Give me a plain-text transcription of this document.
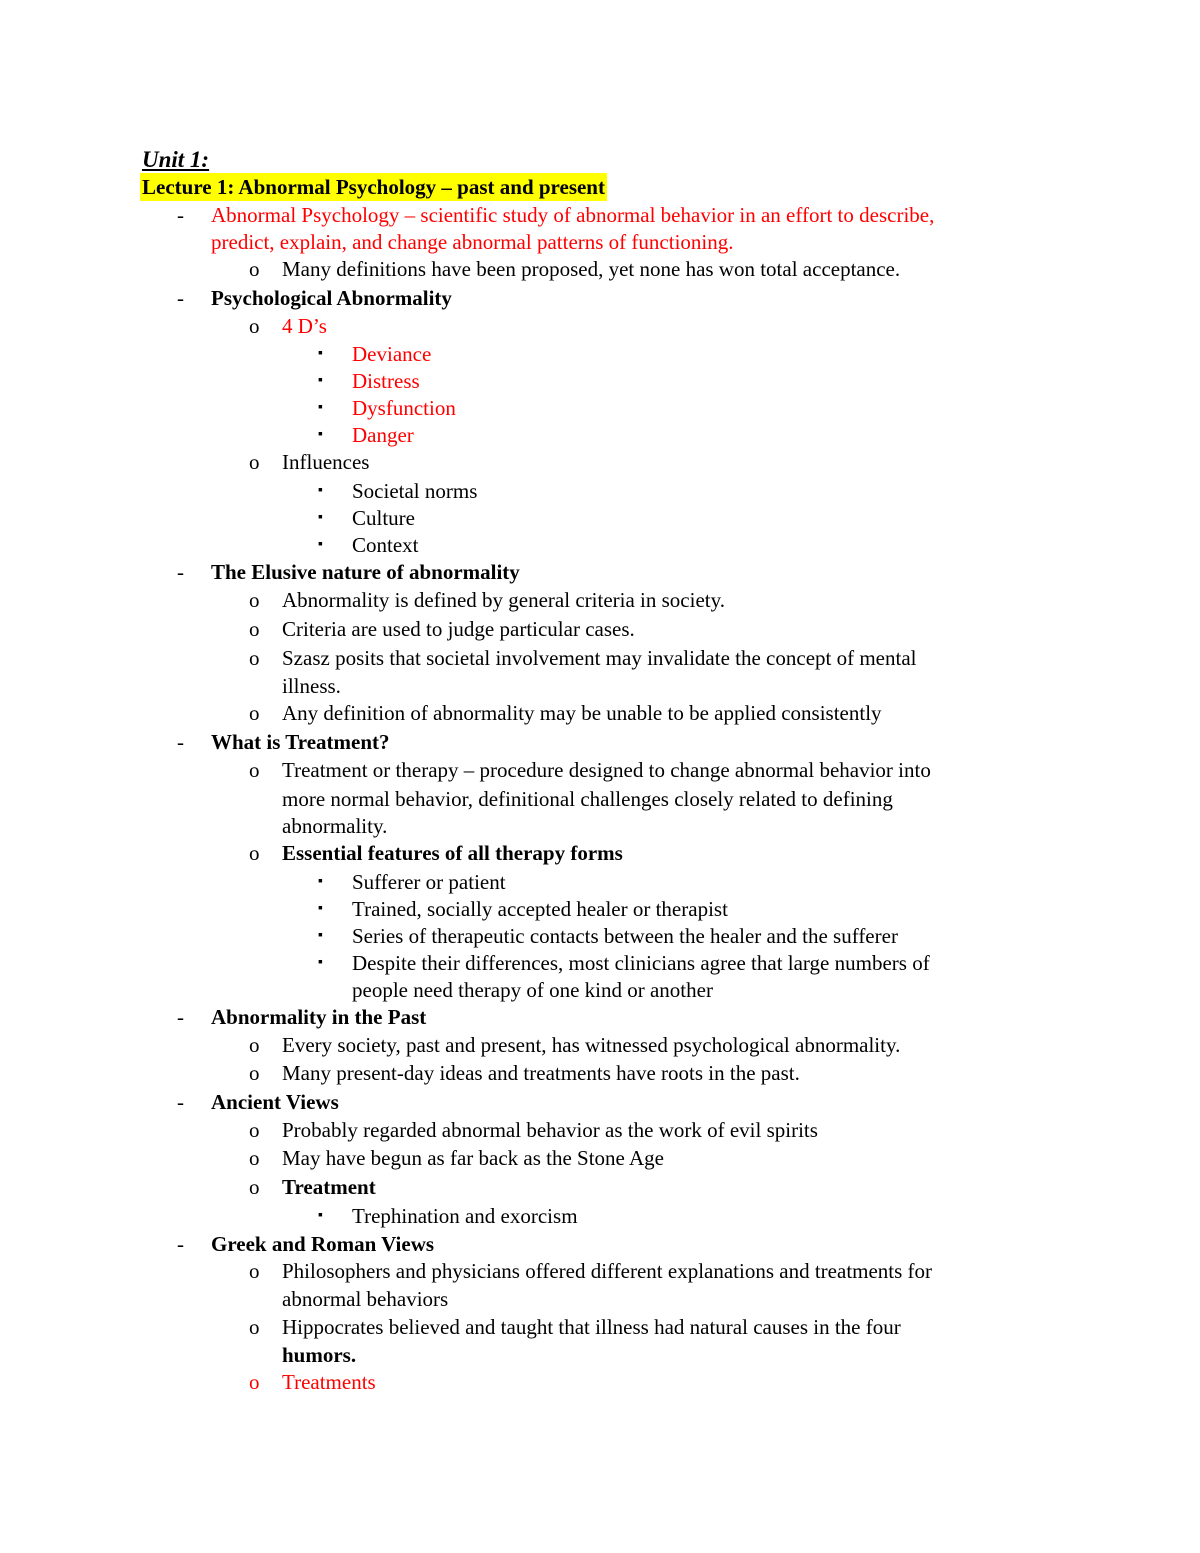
Unit 1:
Lecture 1: Abnormal Psychology – past and present
- Abnormal Psychology – scientific study of abnormal behavior in an effort to describe,
predict, explain, and change abnormal patterns of functioning.
o Many definitions have been proposed, yet none has won total acceptance.
- Psychological Abnormality
o 4 D’s
▪ Deviance
▪ Distress
▪ Dysfunction
▪ Danger
o Influences
▪ Societal norms
▪ Culture
▪ Context
- The Elusive nature of abnormality
o Abnormality is defined by general criteria in society.
o Criteria are used to judge particular cases.
o Szasz posits that societal involvement may invalidate the concept of mental
illness.
o Any definition of abnormality may be unable to be applied consistently
- What is Treatment?
o Treatment or therapy – procedure designed to change abnormal behavior into
more normal behavior, definitional challenges closely related to defining
abnormality.
o Essential features of all therapy forms
▪ Sufferer or patient
▪ Trained, socially accepted healer or therapist
▪ Series of therapeutic contacts between the healer and the sufferer
▪ Despite their differences, most clinicians agree that large numbers of
people need therapy of one kind or another
- Abnormality in the Past
o Every society, past and present, has witnessed psychological abnormality.
o Many present-day ideas and treatments have roots in the past.
- Ancient Views
o Probably regarded abnormal behavior as the work of evil spirits
o May have begun as far back as the Stone Age
o Treatment
▪ Trephination and exorcism
- Greek and Roman Views
o Philosophers and physicians offered different explanations and treatments for
abnormal behaviors
o Hippocrates believed and taught that illness had natural causes in the four
humors.
o Treatments
